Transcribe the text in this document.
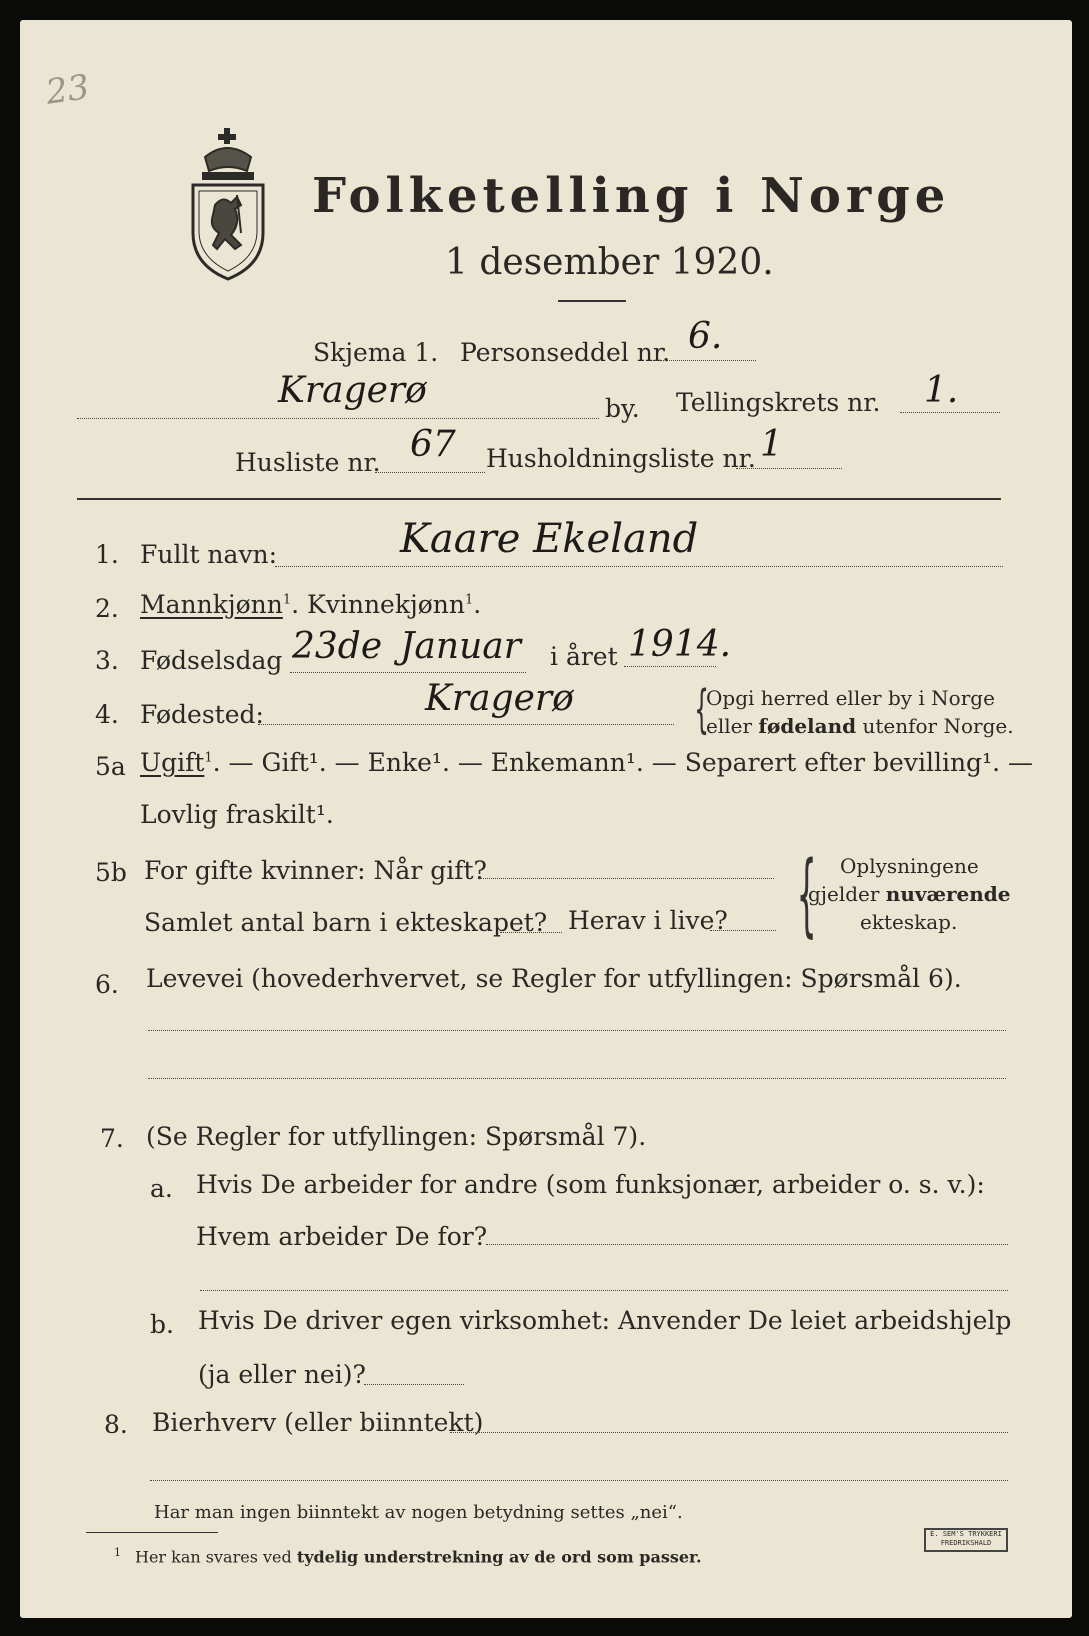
23
Folketelling i Norge
1 desember 1920.
Skjema 1. Personseddel nr. 6.
Kragerø	by. Tellingskrets nr. 1.
Husliste nr. 67 Husholdningsliste nr. 1
1. Fullt navn:	Kaare Ekeland
2. Mannkjønn$^1$. Kvinnekjønn$^1$.
3. Fødselsdag 23de Januar i året 1914.
4. Fødested:	Kragerø {
Opgi herred eller by i Norge
eller fødeland utenfor Norge.
5a Ugift$^1$. — Gift¹. — Enke¹. — Enkemann¹. — Separert efter bevilling¹. —
Lovlig fraskilt¹.
5b For gifte kvinner: Når gift?
Samlet antal barn i ekteskapet? Herav i live? { Oplysningene
gjelder nuværende
ekteskap.
6. Levevei (hovederhvervet, se Regler for utfyllingen: Spørsmål 6).
7. (Se Regler for utfyllingen: Spørsmål 7).
a. Hvis De arbeider for andre (som funksjonær, arbeider o. s. v.):
Hvem arbeider De for?
b. Hvis De driver egen virksomhet: Anvender De leiet arbeidshjelp
(ja eller nei)?
8. Bierhverv (eller biinntekt)
Har man ingen biinntekt av nogen betydning settes „nei“.
$^1$ Her kan svares ved tydelig understrekning av de ord som passer.
E. SEM'S TRYKKERI
FREDRIKSHALD
